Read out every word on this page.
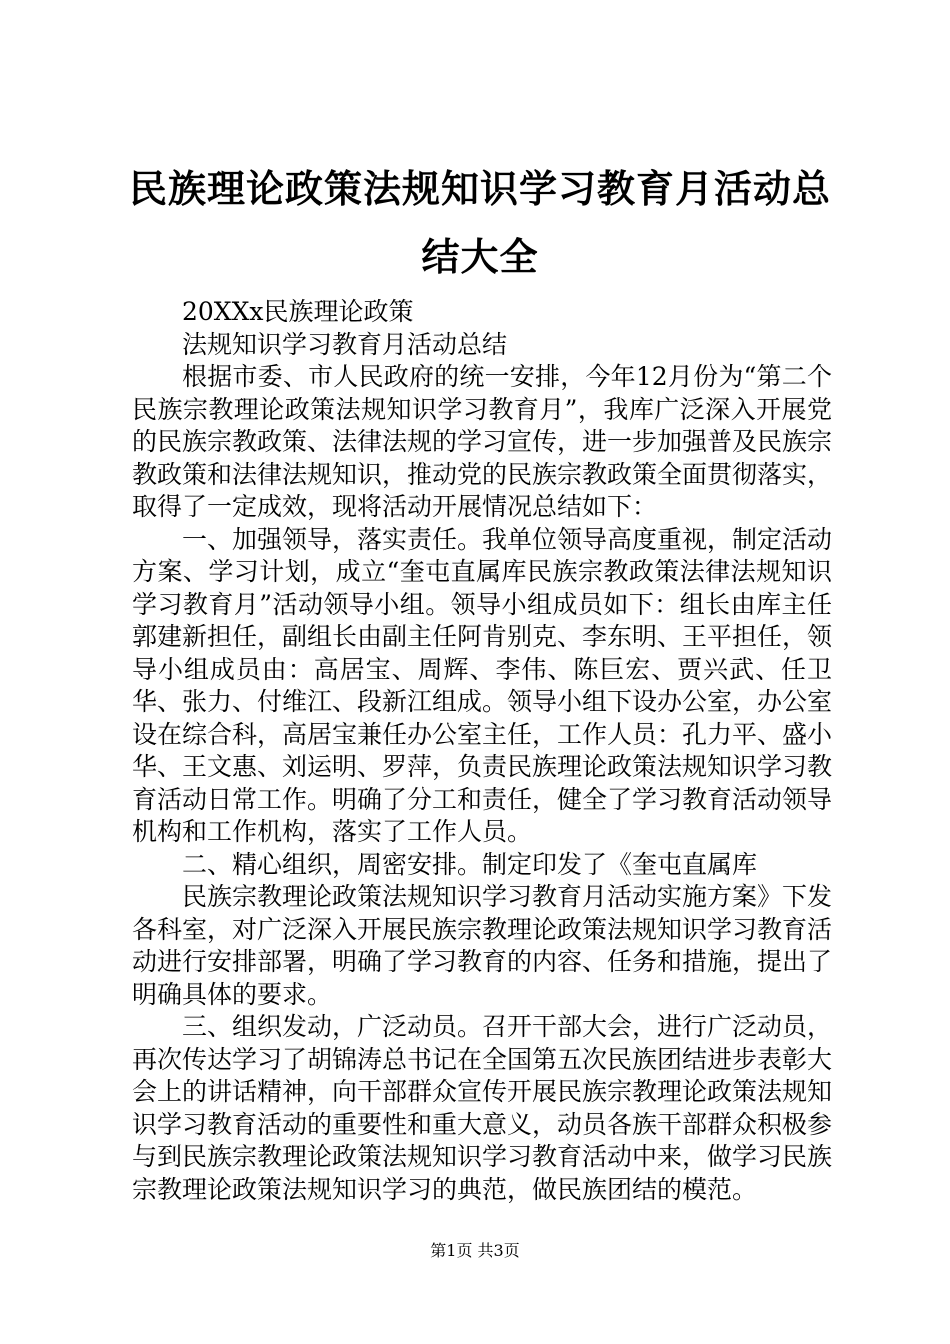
民族理论政策法规知识学习教育月活动总结大全

20XXx民族理论政策

法规知识学习教育月活动总结

根据市委、市人民政府的统一安排，今年12月份为“第二个民族宗教理论政策法规知识学习教育月”，我库广泛深入开展党的民族宗教政策、法律法规的学习宣传，进一步加强普及民族宗教政策和法律法规知识，推动党的民族宗教政策全面贯彻落实，取得了一定成效，现将活动开展情况总结如下：

一、加强领导，落实责任。我单位领导高度重视，制定活动方案、学习计划，成立“奎屯直属库民族宗教政策法律法规知识学习教育月”活动领导小组。领导小组成员如下：组长由库主任郭建新担任，副组长由副主任阿肯别克、李东明、王平担任，领导小组成员由：高居宝、周辉、李伟、陈巨宏、贾兴武、任卫华、张力、付维江、段新江组成。领导小组下设办公室，办公室设在综合科，高居宝兼任办公室主任，工作人员：孔力平、盛小华、王文惠、刘运明、罗萍，负责民族理论政策法规知识学习教育活动日常工作。明确了分工和责任，健全了学习教育活动领导机构和工作机构，落实了工作人员。

二、精心组织，周密安排。制定印发了《奎屯直属库

民族宗教理论政策法规知识学习教育月活动实施方案》下发各科室，对广泛深入开展民族宗教理论政策法规知识学习教育活动进行安排部署，明确了学习教育的内容、任务和措施，提出了明确具体的要求。

三、组织发动，广泛动员。召开干部大会，进行广泛动员，再次传达学习了胡锦涛总书记在全国第五次民族团结进步表彰大会上的讲话精神，向干部群众宣传开展民族宗教理论政策法规知识学习教育活动的重要性和重大意义，动员各族干部群众积极参与到民族宗教理论政策法规知识学习教育活动中来，做学习民族宗教理论政策法规知识学习的典范，做民族团结的模范。

第1页 共3页
